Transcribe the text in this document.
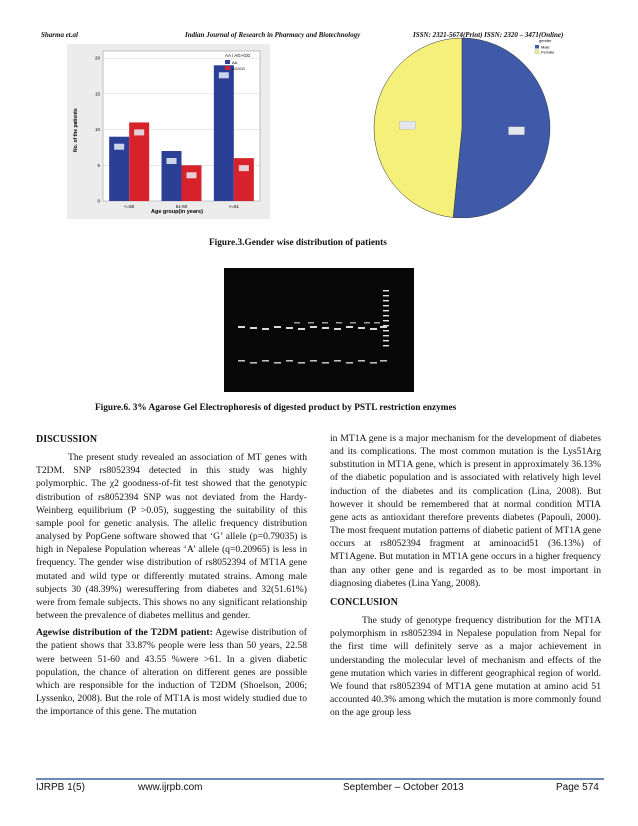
Sharma et.al	Indian Journal of Research in Pharmacy and Biotechnology	ISSN: 2321-5674(Print) ISSN: 2320 – 3471(Online)
0
5
10
15
20
<=50	51-60	>=61
No. of the patients
Age group(in years)
AA / AG+GG
AA
AG/GG
gender
Male
Female
Figure.3.Gender wise distribution of patients
Figure.6. 3% Agarose Gel Electrophoresis of digested product by PSTL restriction enzymes
DISCUSSION

The present study revealed an association of MT genes with T2DM. SNP rs8052394 detected in this study was highly polymorphic. The χ2 goodness-of-fit test showed that the genotypic distribution of rs8052394 SNP was not deviated from the Hardy- Weinberg equilibrium (P >0.05), suggesting the suitability of this sample pool for genetic analysis. The allelic frequency distribution analysed by PopGene software showed that ‘G’ allele (p=0.79035) is high in Nepalese Population whereas ‘A’ allele (q=0.20965) is less in frequency. The gender wise distribution of rs8052394 of MT1A gene mutated and wild type or differently mutated strains. Among male subjects 30 (48.39%) weresuffering from diabetes and 32(51.61%) were from female subjects. This shows no any significant relationship between the prevalence of diabetes mellitus and gender.

Agewise distribution of the T2DM patient: Agewise distribution of the patient shows that 33.87% people were less than 50 years, 22.58 were between 51-60 and 43.55 %were >61. In a given diabetic population, the chance of alteration on different genes are possible which are responsible for the induction of T2DM (Shoelson, 2006; Lyssenko, 2008). But the role of MT1A is most widely studied due to the importance of this gene. The mutation

in MT1A gene is a major mechanism for the development of diabetes and its complications. The most common mutation is the Lys51Arg substitution in MT1A gene, which is present in approximately 36.13% of the diabetic population and is associated with relatively high level induction of the diabetes and its complication (Lina, 2008). But however it should be remembered that at normal condition MTIA gene acts as antioxidant therefore prevents diabetes (Papouli, 2000). The most frequent mutation patterns of diabetic patient of MT1A gene occurs at rs8052394 fragment at aminoacid51 (36.13%) of MT1Agene. But mutation in MT1A gene occurs in a higher frequency than any other gene and is regarded as to be most important in diagnosing diabetes (Lina Yang, 2008).

CONCLUSION

The study of genotype frequency distribution for the MT1A polymorphism in rs8052394 in Nepalese population from Nepal for the first time will definitely serve as a major achievement in understanding the molecular level of mechanism and effects of the gene mutation which varies in different geographical region of world. We found that rs8052394 of MT1A gene mutation at amino acid 51 accounted 40.3% among which the mutation is more commonly found on the age group less

IJRPB 1(5)	www.ijrpb.com	September – October 2013	Page 574
